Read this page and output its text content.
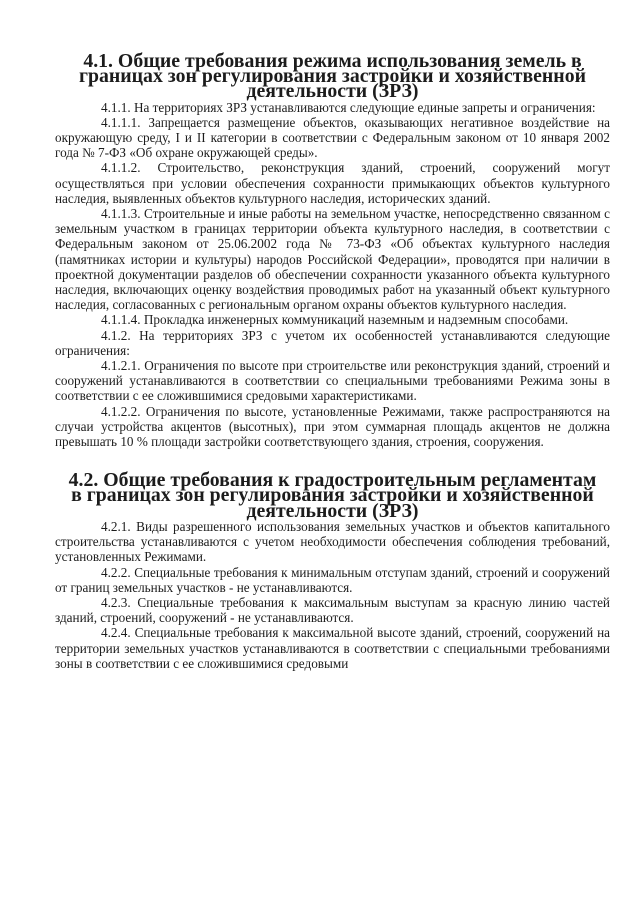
4.1. Общие требования режима использования земель в границах зон регулирования застройки и хозяйственной деятельности (ЗРЗ)

4.1.1. На территориях ЗРЗ устанавливаются следующие единые запреты и ограничения:

4.1.1.1. Запрещается размещение объектов, оказывающих негативное воздействие на окружающую среду, I и II категории в соответствии с Федеральным законом от 10 января 2002 года № 7-ФЗ «Об охране окружающей среды».

4.1.1.2. Строительство, реконструкция зданий, строений, сооружений могут осуществляться при условии обеспечения сохранности примыкающих объектов культурного наследия, выявленных объектов культурного наследия, исторических зданий.

4.1.1.3. Строительные и иные работы на земельном участке, непосредственно связанном с земельным участком в границах территории объекта культурного наследия, в соответствии с Федеральным законом от 25.06.2002 года № 73-ФЗ «Об объектах культурного наследия (памятниках истории и культуры) народов Российской Федерации», проводятся при наличии в проектной документации разделов об обеспечении сохранности указанного объекта культурного наследия, включающих оценку воздействия проводимых работ на указанный объект культурного наследия, согласованных с региональным органом охраны объектов культурного наследия.

4.1.1.4. Прокладка инженерных коммуникаций наземным и надземным способами.

4.1.2. На территориях ЗРЗ с учетом их особенностей устанавливаются следующие ограничения:

4.1.2.1. Ограничения по высоте при строительстве или реконструкция зданий, строений и сооружений устанавливаются в соответствии со специальными требованиями Режима зоны в соответствии с ее сложившимися средовыми характеристиками.

4.1.2.2. Ограничения по высоте, установленные Режимами, также распространяются на случаи устройства акцентов (высотных), при этом суммарная площадь акцентов не должна превышать 10 % площади застройки соответствующего здания, строения, сооружения.

4.2. Общие требования к градостроительным регламентам в границах зон регулирования застройки и хозяйственной деятельности (ЗРЗ)

4.2.1. Виды разрешенного использования земельных участков и объектов капитального строительства устанавливаются с учетом необходимости обеспечения соблюдения требований, установленных Режимами.

4.2.2. Специальные требования к минимальным отступам зданий, строений и сооружений от границ земельных участков - не устанавливаются.

4.2.3. Специальные требования к максимальным выступам за красную линию частей зданий, строений, сооружений - не устанавливаются.

4.2.4. Специальные требования к максимальной высоте зданий, строений, сооружений на территории земельных участков устанавливаются в соответствии с специальными требованиями зоны в соответствии с ее сложившимися средовыми
